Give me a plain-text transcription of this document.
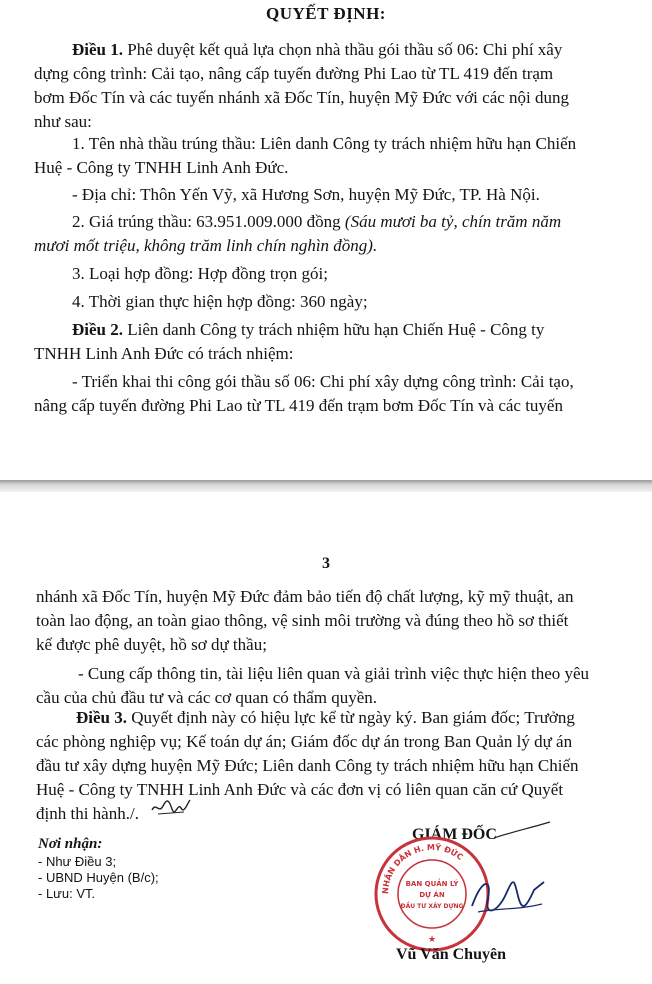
QUYẾT ĐỊNH:
Điều 1. Phê duyệt kết quả lựa chọn nhà thầu gói thầu số 06: Chi phí xây
dựng công trình: Cải tạo, nâng cấp tuyến đường Phi Lao từ TL 419 đến trạm
bơm Đốc Tín và các tuyến nhánh xã Đốc Tín, huyện Mỹ Đức với các nội dung
như sau:
1. Tên nhà thầu trúng thầu: Liên danh Công ty trách nhiệm hữu hạn Chiến
Huệ - Công ty TNHH Linh Anh Đức.
- Địa chỉ: Thôn Yến Vỹ, xã Hương Sơn, huyện Mỹ Đức, TP. Hà Nội.
2. Giá trúng thầu: 63.951.009.000 đồng (Sáu mươi ba tỷ, chín trăm năm
mươi mốt triệu, không trăm linh chín nghìn đồng).
3. Loại hợp đồng: Hợp đồng trọn gói;
4. Thời gian thực hiện hợp đồng: 360 ngày;
Điều 2. Liên danh Công ty trách nhiệm hữu hạn Chiến Huệ - Công ty
TNHH Linh Anh Đức có trách nhiệm:
- Triển khai thi công gói thầu số 06: Chi phí xây dựng công trình: Cải tạo,
nâng cấp tuyến đường Phi Lao từ TL 419 đến trạm bơm Đốc Tín và các tuyến
3
nhánh xã Đốc Tín, huyện Mỹ Đức đảm bảo tiến độ chất lượng, kỹ mỹ thuật, an
toàn lao động, an toàn giao thông, vệ sinh môi trường và đúng theo hồ sơ thiết
kế được phê duyệt, hồ sơ dự thầu;
- Cung cấp thông tin, tài liệu liên quan và giải trình việc thực hiện theo yêu
cầu của chủ đầu tư và các cơ quan có thẩm quyền.
Điều 3. Quyết định này có hiệu lực kể từ ngày ký. Ban giám đốc; Trưởng
các phòng nghiệp vụ; Kế toán dự án; Giám đốc dự án trong Ban Quản lý dự án
đầu tư xây dựng huyện Mỹ Đức; Liên danh Công ty trách nhiệm hữu hạn Chiến
Huệ - Công ty TNHH Linh Anh Đức và các đơn vị có liên quan căn cứ Quyết
định thi hành./.
Nơi nhận:
- Như Điều 3;
- UBND Huyện (B/c);
- Lưu: VT.
GIÁM ĐỐC
NHÂN DÂN H. MỸ ĐỨC
BAN QUẢN LÝ
DỰ ÁN
ĐẦU TƯ XÂY DỰNG
★
Vũ Văn Chuyên
